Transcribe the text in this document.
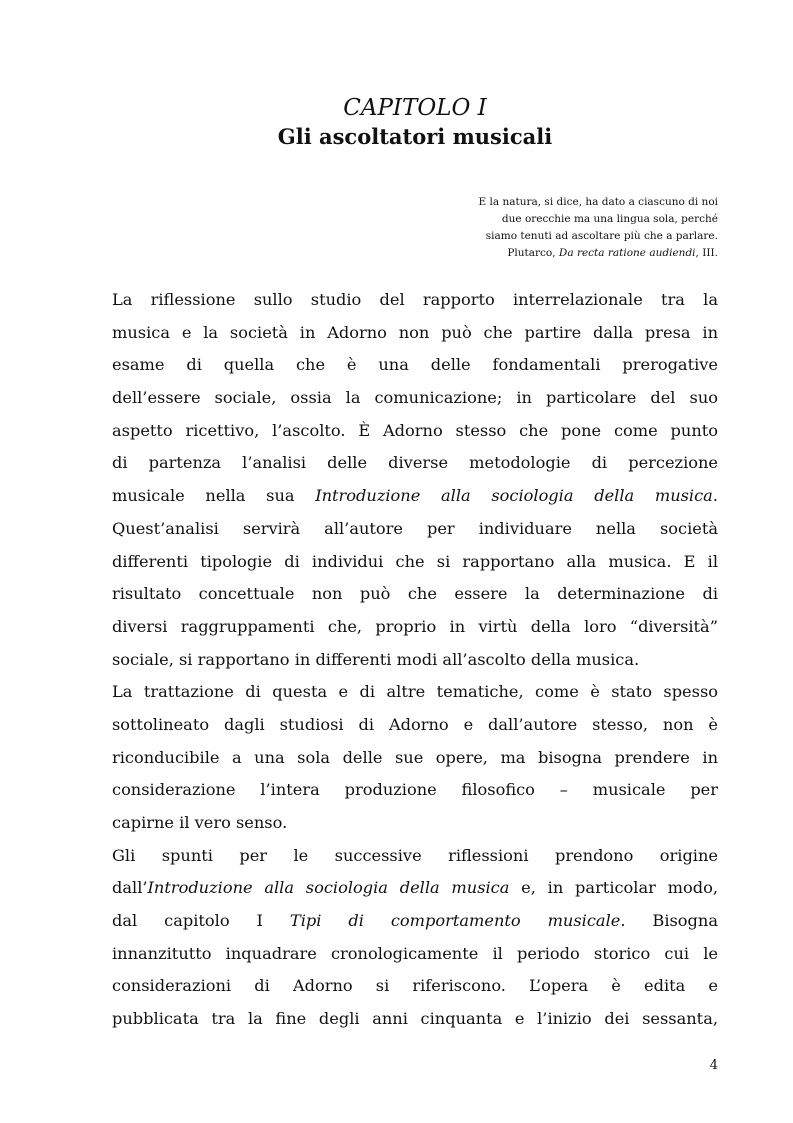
CAPITOLO I
Gli ascoltatori musicali
E la natura, si dice, ha dato a ciascuno di noi
due orecchie ma una lingua sola, perché
siamo tenuti ad ascoltare più che a parlare.
Plutarco, Da recta ratione audiendi, III.
La riflessione sullo studio del rapporto interrelazionale tra la
musica e la società in Adorno non può che partire dalla presa in
esame di quella che è una delle fondamentali prerogative
dell’essere sociale, ossia la comunicazione; in particolare del suo
aspetto ricettivo, l’ascolto. È Adorno stesso che pone come punto
di partenza l’analisi delle diverse metodologie di percezione
musicale nella sua Introduzione alla sociologia della musica.
Quest’analisi servirà all’autore per individuare nella società
differenti tipologie di individui che si rapportano alla musica. E il
risultato concettuale non può che essere la determinazione di
diversi raggruppamenti che, proprio in virtù della loro “diversità”
sociale, si rapportano in differenti modi all’ascolto della musica.
La trattazione di questa e di altre tematiche, come è stato spesso
sottolineato dagli studiosi di Adorno e dall’autore stesso, non è
riconducibile a una sola delle sue opere, ma bisogna prendere in
considerazione l’intera produzione filosofico – musicale per
capirne il vero senso.
Gli spunti per le successive riflessioni prendono origine
dall’Introduzione alla sociologia della musica e, in particolar modo,
dal capitolo I Tipi di comportamento musicale. Bisogna
innanzitutto inquadrare cronologicamente il periodo storico cui le
considerazioni di Adorno si riferiscono. L’opera è edita e
pubblicata tra la fine degli anni cinquanta e l’inizio dei sessanta,
4
